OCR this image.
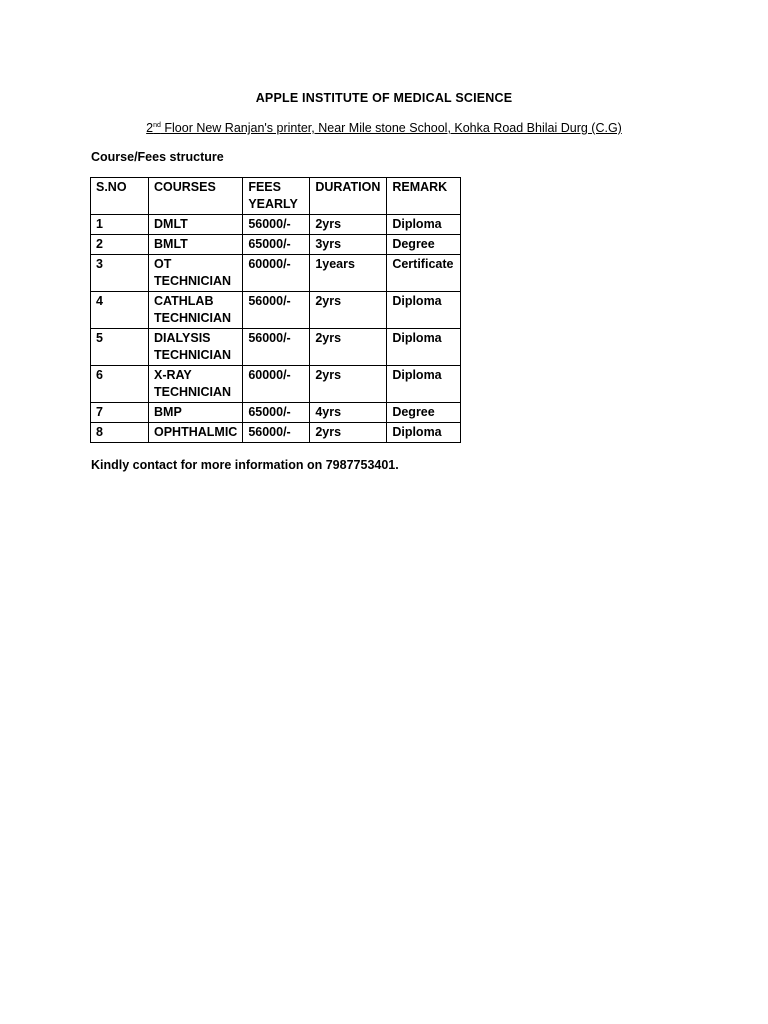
APPLE INSTITUTE OF MEDICAL SCIENCE
2nd Floor New Ranjan's printer, Near Mile stone School, Kohka Road Bhilai Durg (C.G)
Course/Fees structure
S.NO	COURSES	FEES YEARLY	DURATION	REMARK
1	DMLT	56000/-	2yrs	Diploma
2	BMLT	65000/-	3yrs	Degree
3	OT TECHNICIAN	60000/-	1years	Certificate
4	CATHLAB TECHNICIAN	56000/-	2yrs	Diploma
5	DIALYSIS TECHNICIAN	56000/-	2yrs	Diploma
6	X-RAY TECHNICIAN	60000/-	2yrs	Diploma
7	BMP	65000/-	4yrs	Degree
8	OPHTHALMIC	56000/-	2yrs	Diploma
Kindly contact for more information on 7987753401.
